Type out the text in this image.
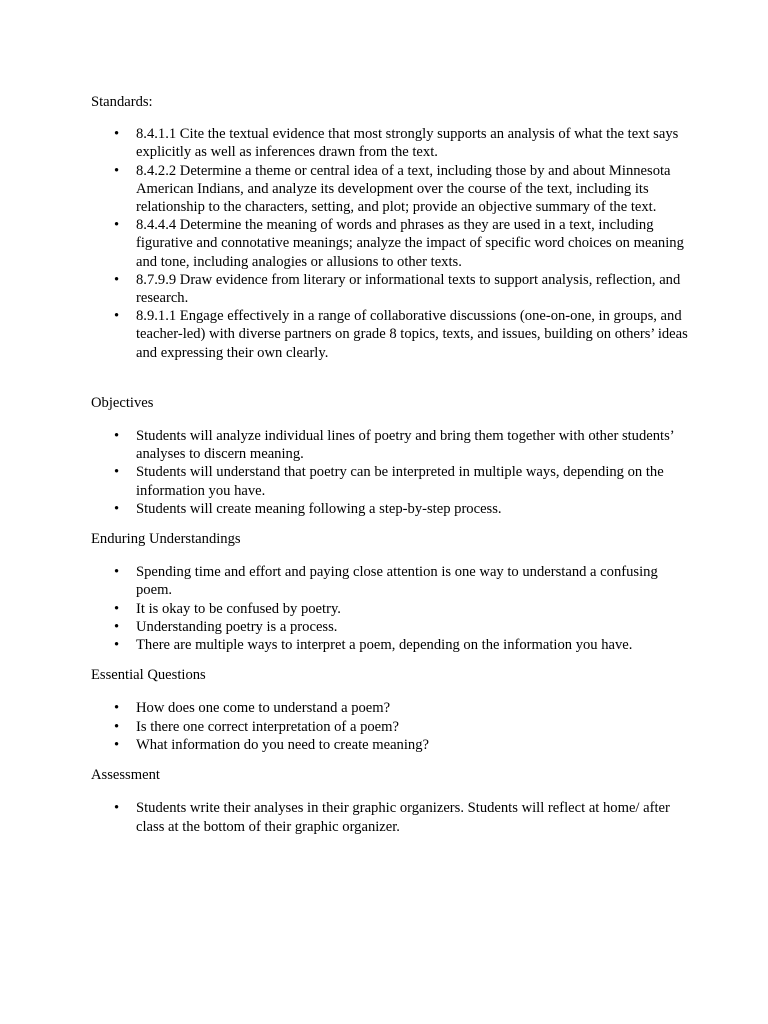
Standards:

•	8.4.1.1 Cite the textual evidence that most strongly supports an analysis of what the text says explicitly as well as inferences drawn from the text.
•	8.4.2.2 Determine a theme or central idea of a text, including those by and about Minnesota American Indians, and analyze its development over the course of the text, including its relationship to the characters, setting, and plot; provide an objective summary of the text.
•	8.4.4.4 Determine the meaning of words and phrases as they are used in a text, including figurative and connotative meanings; analyze the impact of specific word choices on meaning and tone, including analogies or allusions to other texts.
•	8.7.9.9 Draw evidence from literary or informational texts to support analysis, reflection, and research.
•	8.9.1.1 Engage effectively in a range of collaborative discussions (one-on-one, in groups, and teacher-led) with diverse partners on grade 8 topics, texts, and issues, building on others’ ideas and expressing their own clearly.

Objectives

•	Students will analyze individual lines of poetry and bring them together with other students’ analyses to discern meaning.
•	Students will understand that poetry can be interpreted in multiple ways, depending on the information you have.
•	Students will create meaning following a step-by-step process.

Enduring Understandings

•	Spending time and effort and paying close attention is one way to understand a confusing poem.
•	It is okay to be confused by poetry.
•	Understanding poetry is a process.
•	There are multiple ways to interpret a poem, depending on the information you have.

Essential Questions

•	How does one come to understand a poem?
•	Is there one correct interpretation of a poem?
•	What information do you need to create meaning?

Assessment

•	Students write their analyses in their graphic organizers. Students will reflect at home/ after class at the bottom of their graphic organizer.
